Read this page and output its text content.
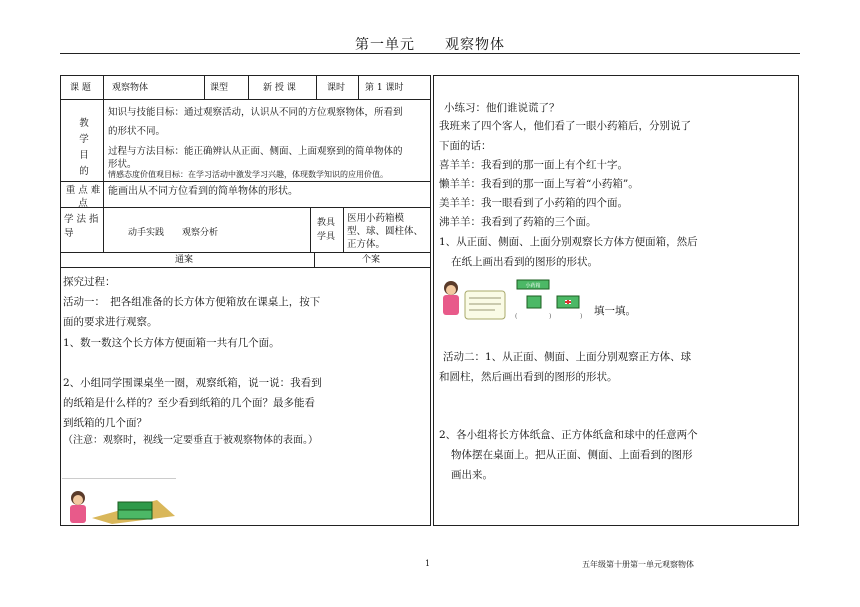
第一单元　　观察物体
课 题 观察物体	课型	新 授 课	课时 第 1 课时
教
学
目
的
知识与技能目标：通过观察活动，认识从不同的方位观察物体，所看到
的形状不同。
过程与方法目标：能正确辨认从正面、侧面、上面观察到的简单物体的
形状。
情感态度价值观目标：在学习活动中激发学习兴趣，体现数学知识的应用价值。
重 点 难
点
能画出从不同方位看到的简单物体的形状。
学 法 指
导	动手实践　　观察分析
教具
学具
医用小药箱模
型、球、圆柱体、
正方体。
通案	个案
探究过程：
活动一：　把各组准备的长方体方便箱放在课桌上，按下
面的要求进行观察。
1、数一数这个长方体方便面箱一共有几个面。
2、小组同学围课桌坐一圈，观察纸箱，说一说：我看到
的纸箱是什么样的？至少看到纸箱的几个面？最多能看
到纸箱的几个面？
（注意：观察时，视线一定要垂直于被观察物体的表面。）
小练习：他们谁说谎了？
我班来了四个客人，他们看了一眼小药箱后，分别说了
下面的话：
喜羊羊：我看到的那一面上有个红十字。
懒羊羊：我看到的那一面上写着“小药箱”。
美羊羊：我一眼看到了小药箱的四个面。
沸羊羊：我看到了药箱的三个面。
1、从正面、侧面、上面分别观察长方体方便面箱，然后
在纸上画出看到的图形的形状。
小药箱
(	)	) 填一填。
活动二：1、从正面、侧面、上面分别观察正方体、球
和圆柱，然后画出看到的图形的形状。
2、各小组将长方体纸盒、正方体纸盒和球中的任意两个
物体摆在桌面上。把从正面、侧面、上面看到的图形
画出来。
1	五年级第十册第一单元观察物体
